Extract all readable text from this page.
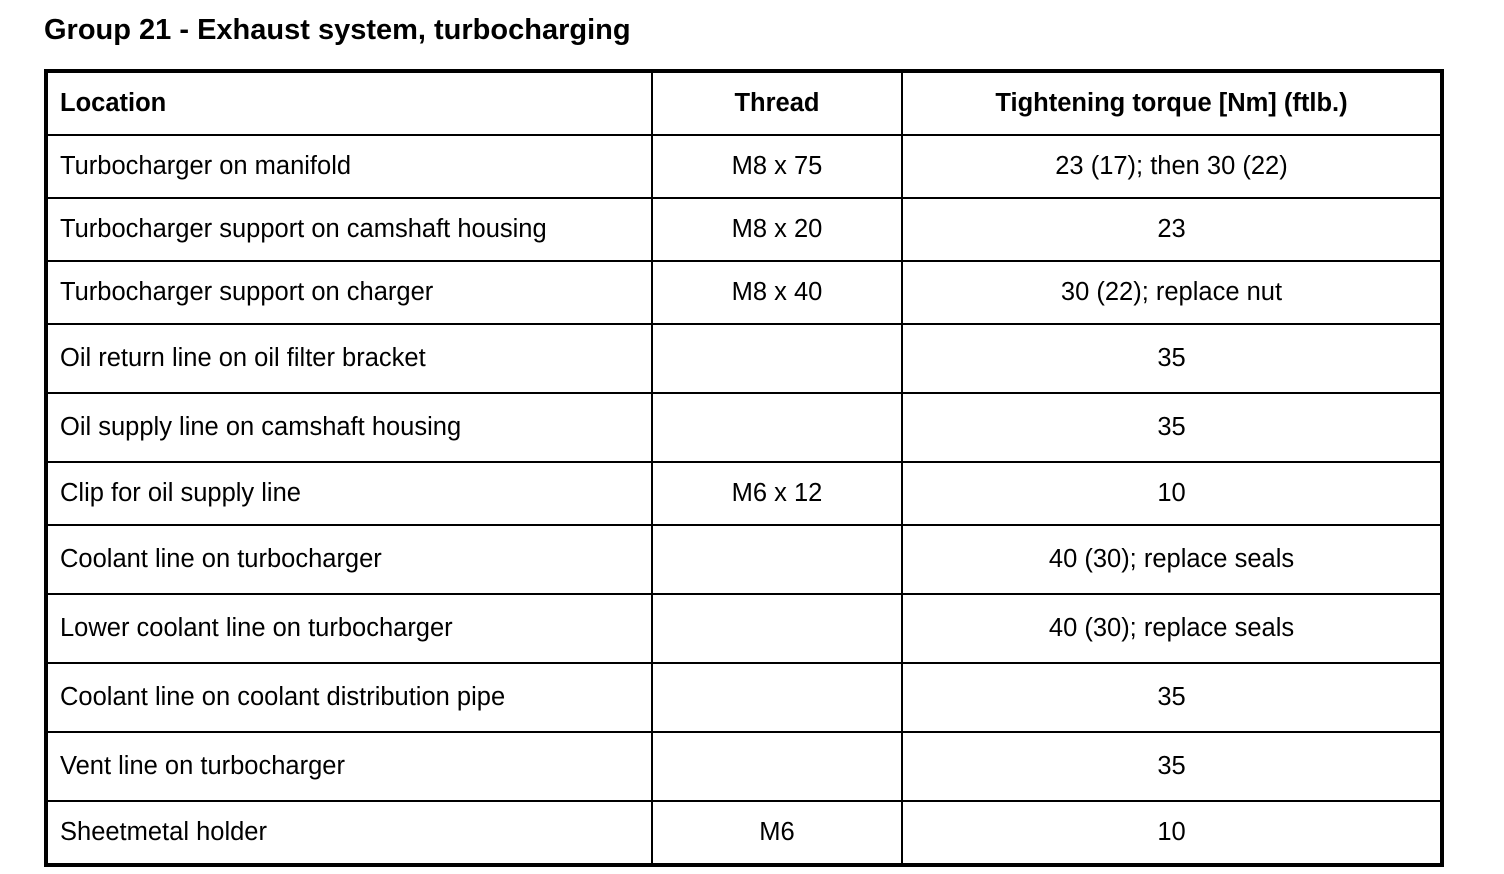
Group 21 - Exhaust system, turbocharging
Location	Thread	Tightening torque [Nm] (ftlb.)
Turbocharger on manifold	M8 x 75	23 (17); then 30 (22)
Turbocharger support on camshaft housing	M8 x 20	23
Turbocharger support on charger	M8 x 40	30 (22); replace nut
Oil return line on oil filter bracket		35
Oil supply line on camshaft housing		35
Clip for oil supply line	M6 x 12	10
Coolant line on turbocharger		40 (30); replace seals
Lower coolant line on turbocharger		40 (30); replace seals
Coolant line on coolant distribution pipe		35
Vent line on turbocharger		35
Sheetmetal holder	M6	10
